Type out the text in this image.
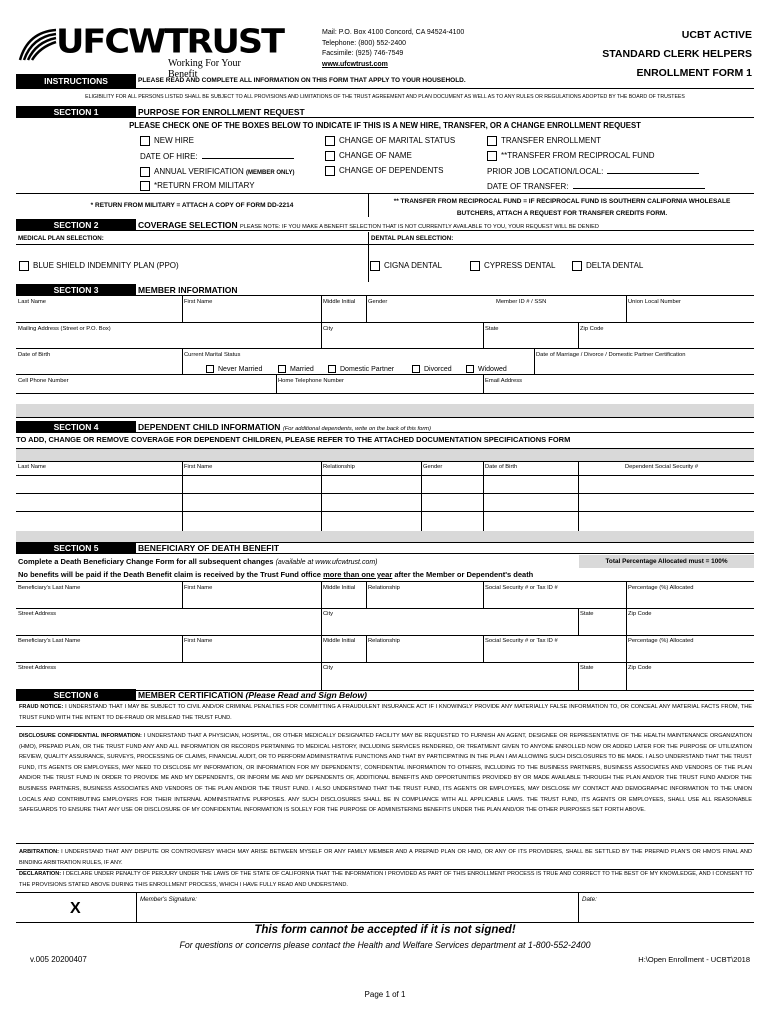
UFCWTRUST
Working For Your Benefit
Mail: P.O. Box 4100 Concord, CA 94524-4100
Telephone: (800) 552-2400
Facsimile: (925) 746-7549
www.ufcwtrust.com
UCBT ACTIVE
STANDARD CLERK HELPERS
ENROLLMENT FORM 1
INSTRUCTIONS	PLEASE READ AND COMPLETE ALL INFORMATION ON THIS FORM THAT APPLY TO YOUR HOUSEHOLD.
ELIGIBILITY FOR ALL PERSONS LISTED SHALL BE SUBJECT TO ALL PROVISIONS AND LIMITATIONS OF THE TRUST AGREEMENT AND PLAN DOCUMENT AS WELL AS TO ANY RULES OR REGULATIONS ADOPTED BY THE BOARD OF TRUSTEES
SECTION 1	PURPOSE FOR ENROLLMENT REQUEST
PLEASE CHECK ONE OF THE BOXES BELOW TO INDICATE IF THIS IS A NEW HIRE, TRANSFER, OR A CHANGE ENROLLMENT REQUEST
NEW HIRE
DATE OF HIRE:
ANNUAL VERIFICATION (MEMBER ONLY)
*RETURN FROM MILITARY
CHANGE OF MARITAL STATUS
CHANGE OF NAME
CHANGE OF DEPENDENTS
TRANSFER ENROLLMENT
**TRANSFER FROM RECIPROCAL FUND
PRIOR JOB LOCATION/LOCAL:
DATE OF TRANSFER:
* RETURN FROM MILITARY = ATTACH A COPY OF FORM DD-2214
** TRANSFER FROM RECIPROCAL FUND = IF RECIPROCAL FUND IS SOUTHERN CALIFORNIA WHOLESALE
BUTCHERS, ATTACH A REQUEST FOR TRANSFER CREDITS FORM.
SECTION 2	COVERAGE SELECTION PLEASE NOTE: IF YOU MAKE A BENEFIT SELECTION THAT IS NOT CURRENTLY AVAILABLE TO YOU, YOUR REQUEST WILL BE DENIED
MEDICAL PLAN SELECTION:	DENTAL PLAN SELECTION:
BLUE SHIELD INDEMNITY PLAN (PPO)	CIGNA DENTAL	CYPRESS DENTAL	DELTA DENTAL
SECTION 3	MEMBER INFORMATION
Last Name	First Name	Middle Initial Gender	Member ID # / SSN	Union Local Number
Mailing Address (Street or P.O. Box)	City	State	Zip Code
Date of Birth	Current Marital Status	Date of Marriage / Divorce / Domestic Partner Certification
Never Married	Married	Domestic Partner	Divorced	Widowed
Cell Phone Number	Home Telephone Number	Email Address
SECTION 4	DEPENDENT CHILD INFORMATION (For additional dependents, write on the back of this form)
TO ADD, CHANGE OR REMOVE COVERAGE FOR DEPENDENT CHILDREN, PLEASE REFER TO THE ATTACHED DOCUMENTATION SPECIFICATIONS FORM
Last Name	First Name	Relationship	Gender	Date of Birth	Dependent Social Security #
SECTION 5	BENEFICIARY OF DEATH BENEFIT
Complete a Death Beneficiary Change Form for all subsequent changes (available at www.ufcwtrust.com)	Total Percentage Allocated must = 100%
No benefits will be paid if the Death Benefit claim is received by the Trust Fund office more than one year after the Member or Dependent's death
Beneficiary's Last Name	First Name	Middle Initial Relationship	Social Security # or Tax ID #	Percentage (%) Allocated
Street Address	City	State	Zip Code
Beneficiary's Last Name	First Name	Middle Initial Relationship	Social Security # or Tax ID #	Percentage (%) Allocated
Street Address	City	State	Zip Code
SECTION 6	MEMBER CERTIFICATION (Please Read and Sign Below)
FRAUD NOTICE: I UNDERSTAND THAT I MAY BE SUBJECT TO CIVIL AND/OR CRIMINAL PENALTIES FOR COMMITTING A FRAUDULENT INSURANCE ACT IF I KNOWINGLY PROVIDE ANY MATERIALLY FALSE INFORMATION TO, OR CONCEAL ANY MATERIAL FACTS FROM, THE TRUST FUND WITH THE INTENT TO DE-FRAUD OR MISLEAD THE TRUST FUND.
DISCLOSURE CONFIDENTIAL INFORMATION: I UNDERSTAND THAT A PHYSICIAN, HOSPITAL, OR OTHER MEDICALLY DESIGNATED FACILITY MAY BE REQUESTED TO FURNISH AN AGENT, DESIGNEE OR REPRESENTATIVE OF THE HEALTH MAINTENANCE ORGANIZATION (HMO), PREPAID PLAN, OR THE TRUST FUND ANY AND ALL INFORMATION OR RECORDS PERTAINING TO MEDICAL HISTORY, INCLUDING SERVICES RENDERED, OR TREATMENT GIVEN TO ANYONE ENROLLED NOW OR ADDED LATER FOR THE PURPOSE OF UTILIZATION REVIEW, QUALITY ASSURANCE, SURVEYS, PROCESSING OF CLAIMS, FINANCIAL AUDIT, OR TO PERFORM ADMINISTRATIVE FUNCTIONS AND THAT BY PARTICIPATING IN THE PLAN I AM ALLOWING SUCH DISCLOSURES TO BE MADE. I ALSO UNDERSTAND THAT THE TRUST FUND, ITS AGENTS OR EMPLOYEES, MAY NEED TO DISCLOSE MY INFORMATION, OR INFORMATION FOR MY DEPENDENTS', CONFIDENTIAL INFORMATION TO OTHERS, INCLUDING TO THE BUSINESS PARTNERS, BUSINESS ASSOCIATES AND VENDORS OF THE PLAN AND/OR THE TRUST FUND IN ORDER TO PROVIDE ME AND MY DEPENDENTS, OR INFORM ME AND MY DEPENDENTS OF, ADDITIONAL BENEFITS AND OPPORTUNITIES PROVIDED BY OR MADE AVAILABLE THROUGH THE PLAN AND/OR THE TRUST FUND AND/OR THE BUSINESS PARTNERS, BUSINESS ASSOCIATES AND VENDORS OF THE PLAN AND/OR THE TRUST FUND. I ALSO UNDERSTAND THAT THE TRUST FUND, ITS AGENTS OR EMPLOYEES, MAY DISCLOSE MY CONTACT AND DEMOGRAPHIC INFORMATION TO THE UNION LOCALS AND CONTRIBUTING EMPLOYERS FOR THEIR INTERNAL ADMINISTRATIVE PURPOSES. ANY SUCH DISCLOSURES SHALL BE IN COMPLIANCE WITH ALL APPLICABLE LAWS. THE TRUST FUND, ITS AGENTS OR EMPLOYEES, SHALL USE ALL REASONABLE SAFEGUARDS TO ENSURE THAT ANY USE OR DISCLOSURE OF MY CONFIDENTIAL INFORMATION IS SOLELY FOR THE PURPOSE OF ADMINISTERING BENEFITS UNDER THE PLAN AND/OR THE OTHER PURPOSES SET FORTH ABOVE.
ARBITRATION: I UNDERSTAND THAT ANY DISPUTE OR CONTROVERSY WHICH MAY ARISE BETWEEN MYSELF OR ANY FAMILY MEMBER AND A PREPAID PLAN OR HMO, OR ANY OF ITS PROVIDERS, SHALL BE SETTLED BY THE PREPAID PLAN'S OR HMO'S FINAL AND BINDING ARBITRATION RULES, IF ANY.
DECLARATION: I DECLARE UNDER PENALTY OF PERJURY UNDER THE LAWS OF THE STATE OF CALIFORNIA THAT THE INFORMATION I PROVIDED AS PART OF THIS ENROLLMENT PROCESS IS TRUE AND CORRECT TO THE BEST OF MY KNOWLEDGE, AND I CONSENT TO THE PROVISIONS STATED ABOVE DURING THIS ENROLLMENT PROCESS, WHICH I HAVE FULLY READ AND UNDERSTAND.
X
Member's Signature:	Date:
This form cannot be accepted if it is not signed!
For questions or concerns please contact the Health and Welfare Services department at 1-800-552-2400
v.005 20200407	H:\Open Enrollment - UCBT\2018
Page 1 of 1
